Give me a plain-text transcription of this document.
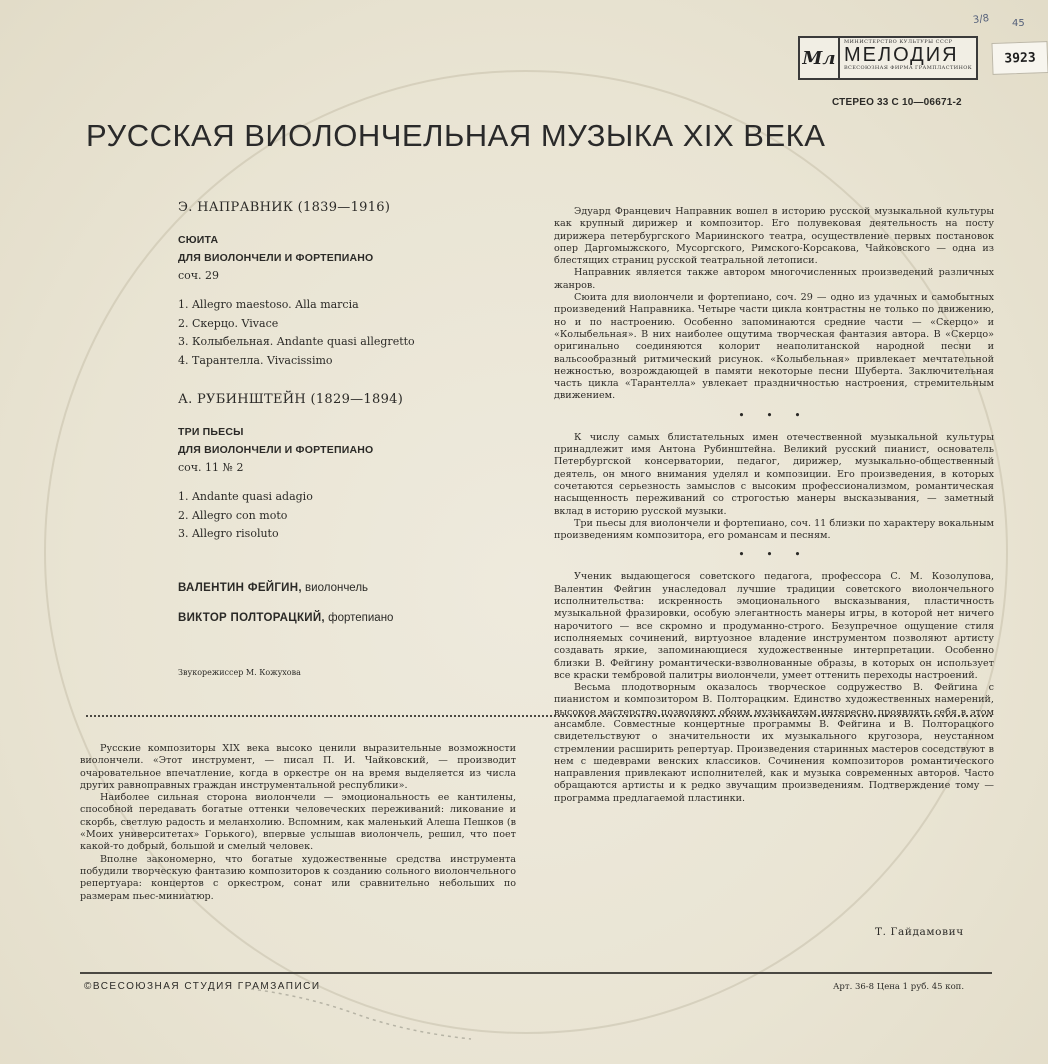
3/8 45
Мл
МИНИСТЕРСТВО КУЛЬТУРЫ СССР
МЕЛОДИЯ
ВСЕСОЮЗНАЯ ФИРМА ГРАМПЛАСТИНОК
3923
СТЕРЕО 33 С 10—06671-2
РУССКАЯ ВИОЛОНЧЕЛЬНАЯ МУЗЫКА XIX ВЕКА
Э. НАПРАВНИК (1839—1916)
СЮИТА
ДЛЯ ВИОЛОНЧЕЛИ И ФОРТЕПИАНО
соч. 29
1. Allegro maestoso. Alla marcia
2. Скерцо. Vivace
3. Колыбельная. Andante quasi allegretto
4. Тарантелла. Vivacissimo
А. РУБИНШТЕЙН (1829—1894)
ТРИ ПЬЕСЫ
ДЛЯ ВИОЛОНЧЕЛИ И ФОРТЕПИАНО
соч. 11 № 2
1. Andante quasi adagio
2. Allegro con moto
3. Allegro risoluto
ВАЛЕНТИН ФЕЙГИН, виолончель
ВИКТОР ПОЛТОРАЦКИЙ, фортепиано
Звукорежиссер М. Кожухова

Эдуард Францевич Направник вошел в историю русской музыкальной культуры как крупный дирижер и композитор. Его полувековая деятельность на посту дирижера петербургского Мариинского театра, осуществление первых постановок опер Даргомыжского, Мусоргского, Римского-Корсакова, Чайковского — одна из блестящих страниц русской театральной летописи.

Направник является также автором многочисленных произведений различных жанров.

Сюита для виолончели и фортепиано, соч. 29 — одно из удачных и самобытных произведений Направника. Четыре части цикла контрастны не только по движению, но и по настроению. Особенно запоминаются средние части — «Скерцо» и «Колыбельная». В них наиболее ощутима творческая фантазия автора. В «Скерцо» оригинально соединяются колорит неаполитанской народной песни и вальсообразный ритмический рисунок. «Колыбельная» привлекает мечтательной нежностью, возрождающей в памяти некоторые песни Шуберта. Заключительная часть цикла «Тарантелла» увлекает праздничностью настроения, стремительным движением.

• • •

К числу самых блистательных имен отечественной музыкальной культуры принадлежит имя Антона Рубинштейна. Великий русский пианист, основатель Петербургской консерватории, педагог, дирижер, музыкально-общественный деятель, он много внимания уделял и композиции. Его произведения, в которых сочетаются серьезность замыслов с высоким профессионализмом, романтическая насыщенность переживаний со строгостью манеры высказывания, — заметный вклад в историю русской музыки.

Три пьесы для виолончели и фортепиано, соч. 11 близки по характеру вокальным произведениям композитора, его романсам и песням.

• • •

Ученик выдающегося советского педагога, профессора С. М. Козолупова, Валентин Фейгин унаследовал лучшие традиции советского виолончельного исполнительства: искренность эмоционального высказывания, пластичность музыкальной фразировки, особую элегантность манеры игры, в которой нет ничего нарочитого — все скромно и продуманно-строго. Безупречное ощущение стиля исполняемых сочинений, виртуозное владение инструментом позволяют артисту создавать яркие, запоминающиеся художественные интерпретации. Особенно близки В. Фейгину романтически-взволнованные образы, в которых он использует все краски тембровой палитры виолончели, умеет оттенить переходы настроений.

Весьма плодотворным оказалось творческое содружество В. Фейгина с пианистом и композитором В. Полторацким. Единство художественных намерений, высокое мастерство позволяют обоим музыкантам интересно проявлять себя в этом ансамбле. Совместные концертные программы В. Фейгина и В. Полторацкого свидетельствуют о значительности их музыкального кругозора, неустанном стремлении расширить репертуар. Произведения старинных мастеров соседствуют в нем с шедеврами венских классиков. Сочинения композиторов романтического направления привлекают исполнителей, как и музыка современных авторов. Часто обращаются артисты и к редко звучащим произведениям. Подтверждение тому — программа предлагаемой пластинки.

Т. Гайдамович

Русские композиторы XIX века высоко ценили выразительные возможности виолончели. «Этот инструмент, — писал П. И. Чайковский, — производит очаровательное впечатление, когда в оркестре он на время выделяется из числа других равноправных граждан инструментальной республики».

Наиболее сильная сторона виолончели — эмоциональность ее кантилены, способной передавать богатые оттенки человеческих переживаний: ликование и скорбь, светлую радость и меланхолию. Вспомним, как маленький Алеша Пешков (в «Моих университетах» Горького), впервые услышав виолончель, решил, что поет какой-то добрый, большой и смелый человек.

Вполне закономерно, что богатые художественные средства инструмента побудили творческую фантазию композиторов к созданию сольного виолончельного репертуара: концертов с оркестром, сонат или сравнительно небольших по размерам пьес-миниатюр.

©ВСЕСОЮЗНАЯ СТУДИЯ ГРАМЗАПИСИ	Арт. 36-8 Цена 1 руб. 45 коп.
